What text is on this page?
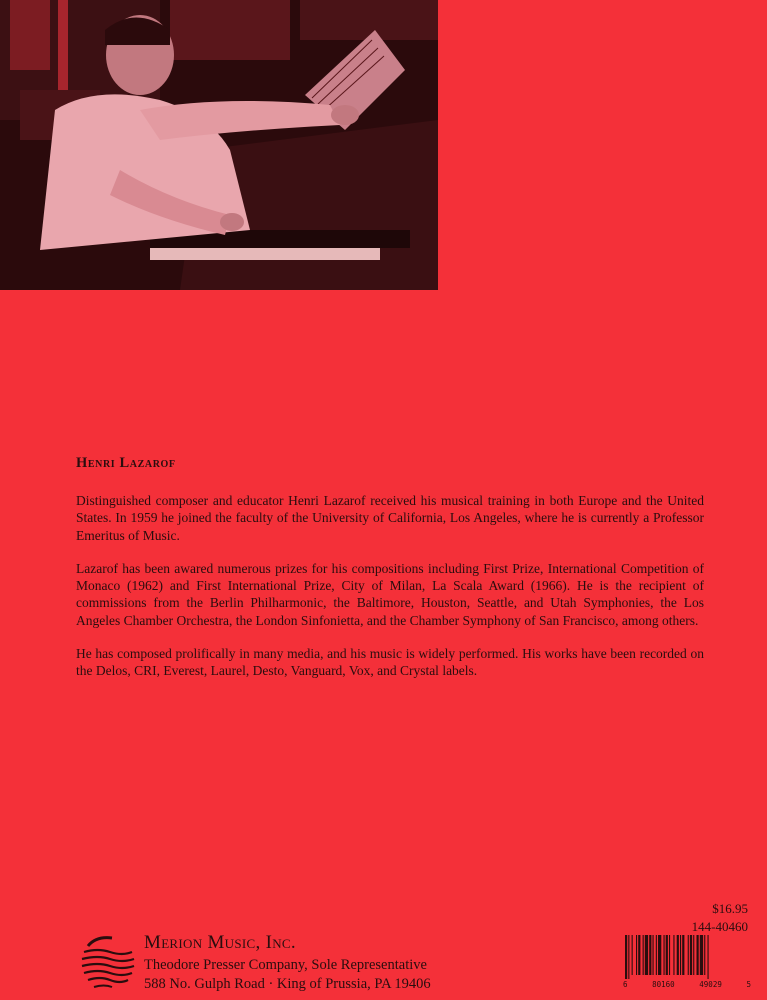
Henri Lazarof

Distinguished composer and educator Henri Lazarof received his musical training in both Europe and the United States. In 1959 he joined the faculty of the University of California, Los Angeles, where he is currently a Professor Emeritus of Music.

Lazarof has been awared numerous prizes for his compositions including First Prize, International Competition of Monaco (1962) and First International Prize, City of Milan, La Scala Award (1966). He is the recipient of commissions from the Berlin Philharmonic, the Baltimore, Houston, Seattle, and Utah Symphonies, the Los Angeles Chamber Orchestra, the London Sinfonietta, and the Chamber Symphony of San Francisco, among others.

He has composed prolifically in many media, and his music is widely performed. His works have been recorded on the Delos, CRI, Everest, Laurel, Desto, Vanguard, Vox, and Crystal labels.

Merion Music, Inc.
Theodore Presser Company, Sole Representative
588 No. Gulph Road · King of Prussia, PA 19406
$16.95
144-40460
6	80160	49029	5
